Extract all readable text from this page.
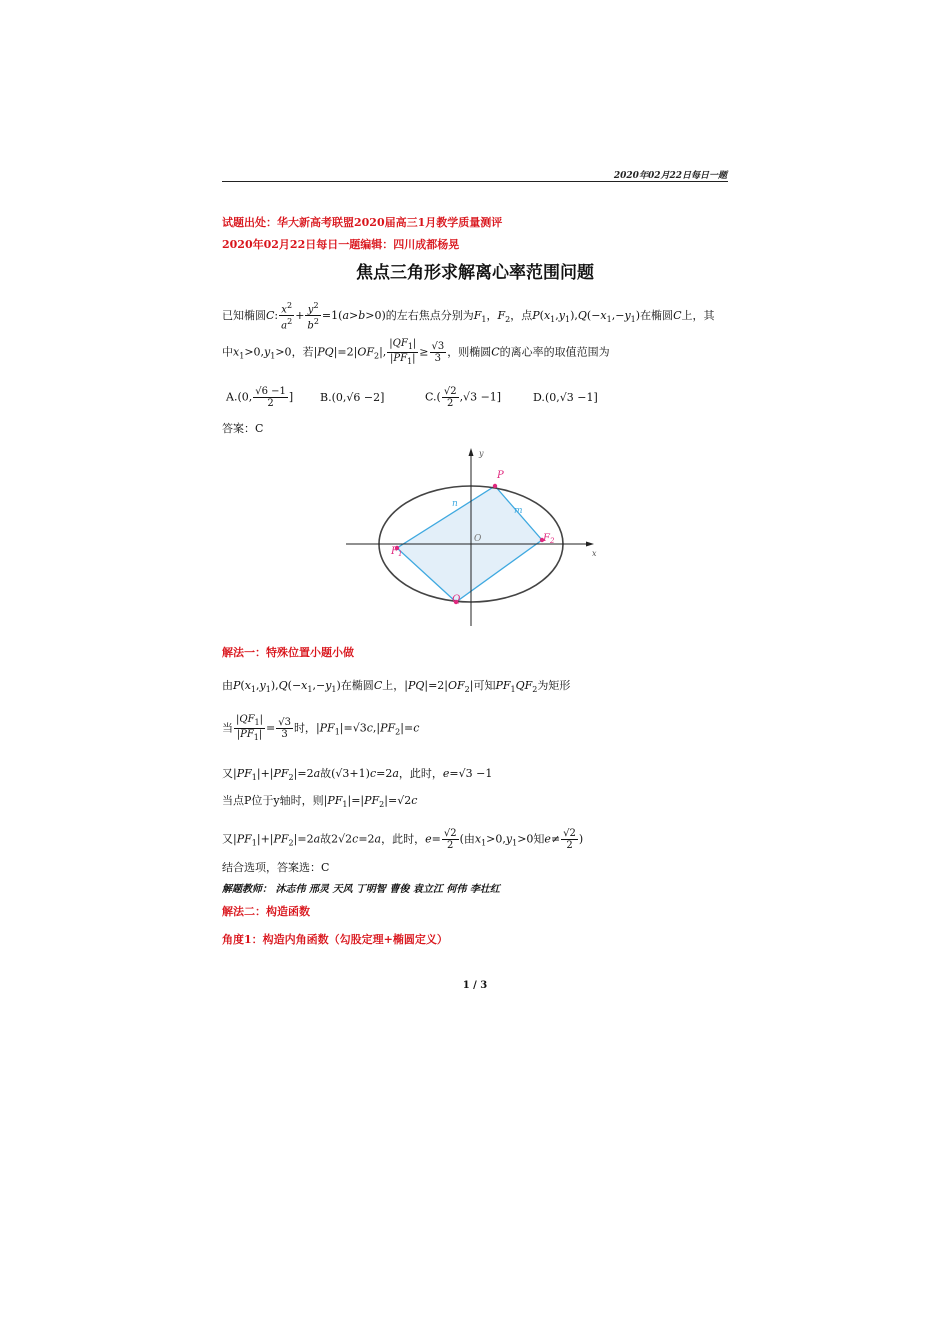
2020年02月22日每日一题
试题出处：华大新高考联盟2020届高三1月教学质量测评
2020年02月22日每日一题编辑：四川成都杨晃
焦点三角形求解离心率范围问题
已知椭圆C: $\frac{x^2}{a^2} + \frac{y^2}{b^2} =1(a>b>0)$的左右焦点分别为$F_1$，$F_2$，点$P(x_1,y_1),Q(-x_1,-y_1)$在椭圆C上，其
中$x_1>0,y_1>0$，若$|PQ|=2|OF_2|$, $\frac{|QF_1|}{|PF_1|} \ge \frac{√3}{3}$ ，则椭圆C的离心率的取值范围为
A.(0, $\frac{√6 -1}{2}$ ] B.(0,√6 −2]	$C.( \frac{√2}{2} ,√3 -1]$	D.(0,√3 −1]
答案：C
y
x
O
P
Q
$F_1$
$F_2$
n
m
解法一：特殊位置小题小做
由$P(x_1,y_1),Q(-x_1,-y_1)$在椭圆C上，$|PQ|=2|OF_2|$可知$PF_1QF_2$为矩形
当 $\frac{|QF_1|}{|PF_1|} = \frac{√3}{3}$ 时，$|PF_1|=√3c,|PF_2|=c$
又$|PF_1|+|PF_2|=2a$故(√3+1)c=2a，此时，e=√3 −1
当点P位于y轴时，则$|PF_1|=|PF_2|=√2c$
又$|PF_1|+|PF_2|=2a$故2√2c=2a，此时，$e= \frac{√2}{2}$ (由$x_1>0,y_1>0$知$e\ne \frac{√2}{2}$ )
结合选项，答案选：C
解题教师： 沐志伟 邢灵 天风 丁明智 曹俊 袁立江 何伟 李壮红
解法二：构造函数
角度1：构造内角函数（勾股定理+椭圆定义）
1 / 3
